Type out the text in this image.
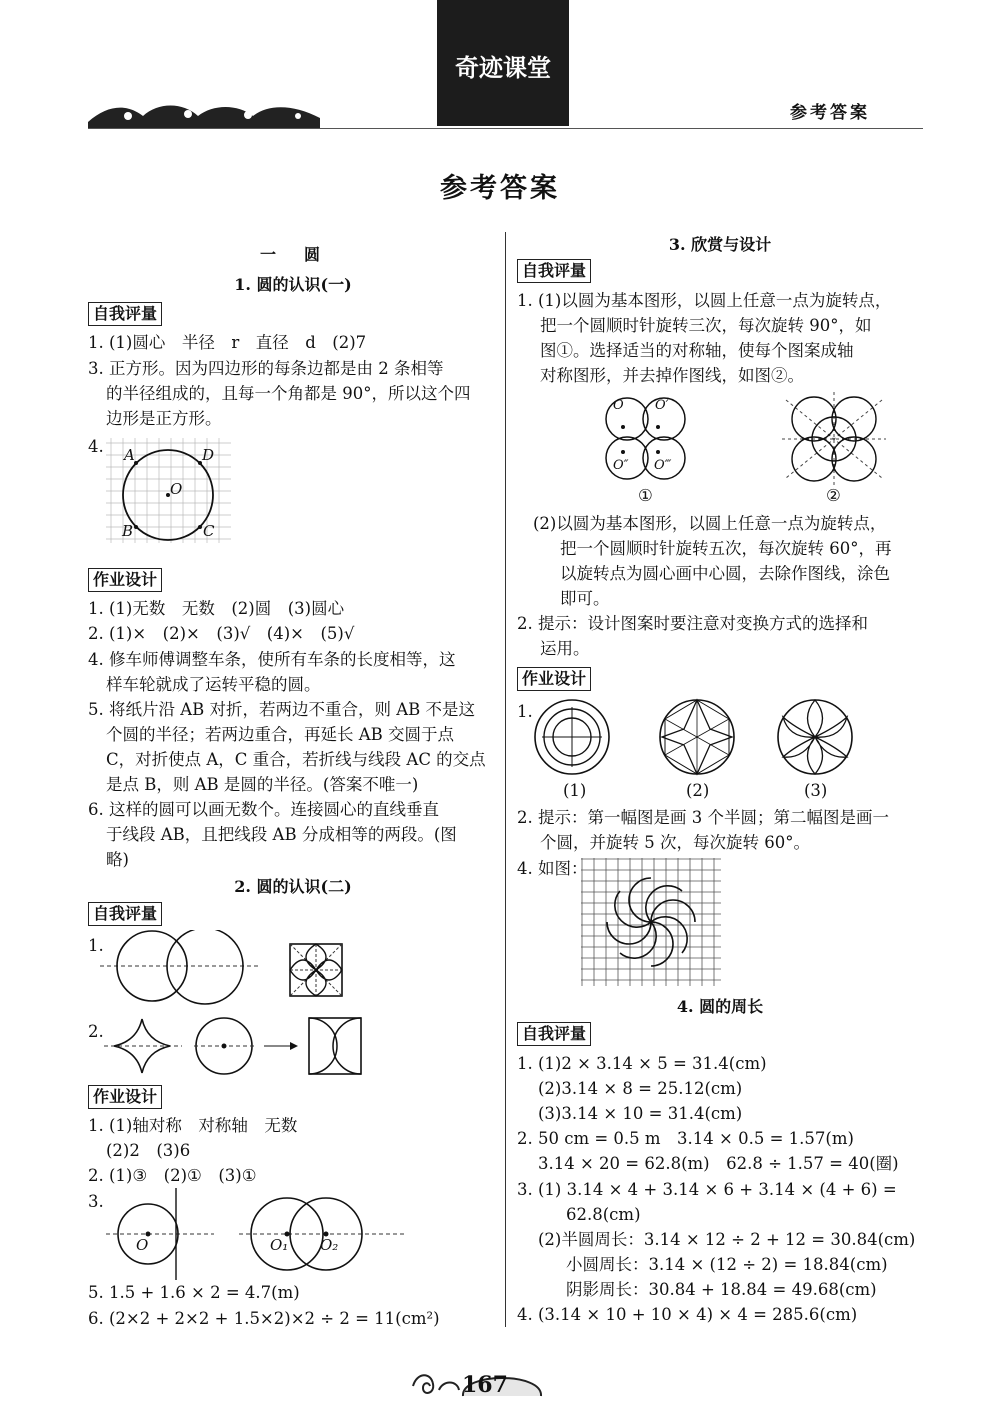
奇迹课堂
参考答案
参考答案
一　圆
1. 圆的认识(一)
自我评量
1. (1)圆心　半径　r　直径　d　(2)7
3. 正方形。因为四边形的每条边都是由 2 条相等
的半径组成的，且每一个角都是 90°，所以这个四
边形是正方形。
4. A	D
O
B	C
作业设计
1. (1)无数　无数　(2)圆　(3)圆心
2. (1)×　(2)×　(3)√　(4)×　(5)√
4. 修车师傅调整车条，使所有车条的长度相等，这
样车轮就成了运转平稳的圆。
5. 将纸片沿 AB 对折，若两边不重合，则 AB 不是这
个圆的半径；若两边重合，再延长 AB 交圆于点
C，对折使点 A，C 重合，若折线与线段 AC 的交点
是点 B，则 AB 是圆的半径。(答案不唯一)
6. 这样的圆可以画无数个。连接圆心的直线垂直
于线段 AB，且把线段 AB 分成相等的两段。(图
略)
2. 圆的认识(二)
自我评量
1.
2.
作业设计
1. (1)轴对称　对称轴　无数
(2)2　(3)6
2. (1)③　(2)①　(3)①
3.
O	O₁ O₂
5. 1.5 + 1.6 × 2 = 4.7(m)
6. (2×2 + 2×2 + 1.5×2)×2 ÷ 2 = 11(cm²)
3. 欣赏与设计
自我评量
1. (1)以圆为基本图形，以圆上任意一点为旋转点，
把一个圆顺时针旋转三次，每次旋转 90°，如
图①。选择适当的对称轴，使每个图案成轴
对称图形，并去掉作图线，如图②。
O O′
O″ O‴
①	②
(2)以圆为基本图形，以圆上任意一点为旋转点，
把一个圆顺时针旋转五次，每次旋转 60°，再
以旋转点为圆心画中心圆，去除作图线，涂色
即可。
2. 提示：设计图案时要注意对变换方式的选择和
运用。
作业设计
1.
(1)	(2)	(3)
2. 提示：第一幅图是画 3 个半圆；第二幅图是画一
个圆，并旋转 5 次，每次旋转 60°。
4. 如图：
4. 圆的周长
自我评量
1. (1)2 × 3.14 × 5 = 31.4(cm)
(2)3.14 × 8 = 25.12(cm)
(3)3.14 × 10 = 31.4(cm)
2. 50 cm = 0.5 m　3.14 × 0.5 = 1.57(m)
3.14 × 20 = 62.8(m)　62.8 ÷ 1.57 = 40(圈)
3. (1) 3.14 × 4 + 3.14 × 6 + 3.14 × (4 + 6) =
62.8(cm)
(2)半圆周长：3.14 × 12 ÷ 2 + 12 = 30.84(cm)
小圆周长：3.14 × (12 ÷ 2) = 18.84(cm)
阴影周长：30.84 + 18.84 = 49.68(cm)
4. (3.14 × 10 + 10 × 4) × 4 = 285.6(cm)
167
